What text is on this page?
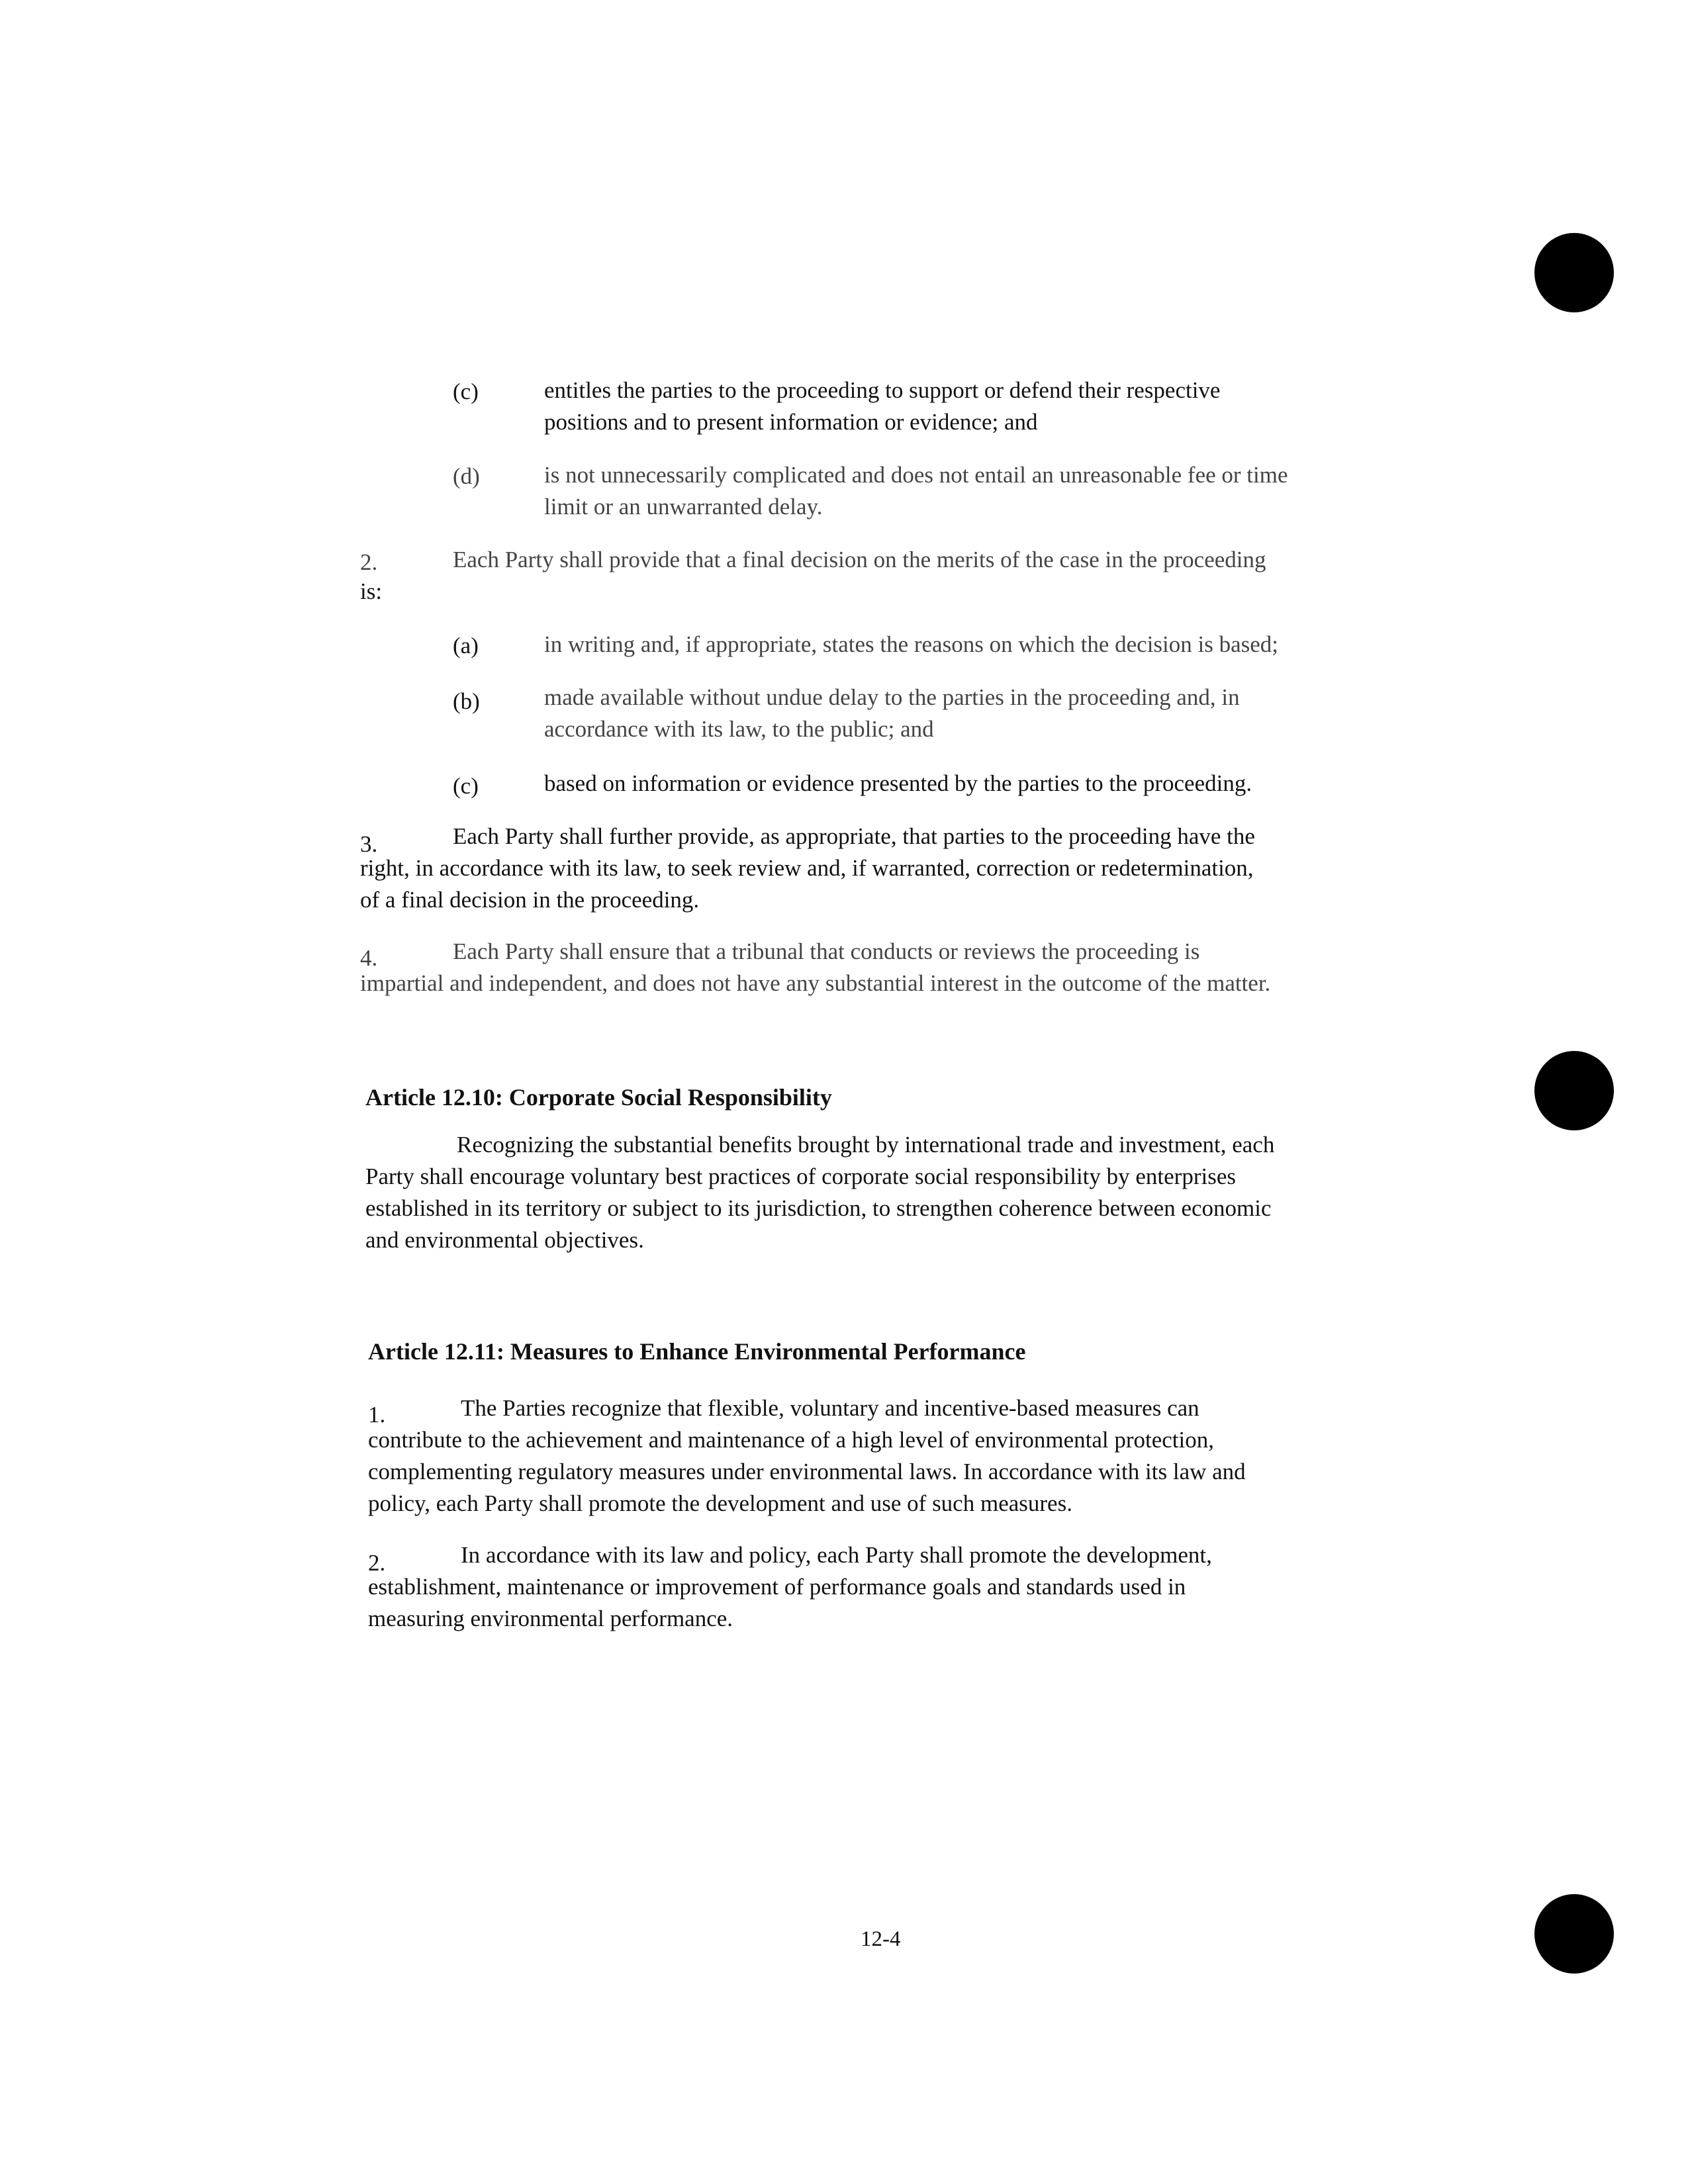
(c)	entitles the parties to the proceeding to support or defend their respective
positions and to present information or evidence; and
(d)	is not unnecessarily complicated and does not entail an unreasonable fee or time
limit or an unwarranted delay.
2.	Each Party shall provide that a final decision on the merits of the case in the proceeding
is:
(a)	in writing and, if appropriate, states the reasons on which the decision is based;
(b)	made available without undue delay to the parties in the proceeding and, in
accordance with its law, to the public; and
(c)	based on information or evidence presented by the parties to the proceeding.
3.	Each Party shall further provide, as appropriate, that parties to the proceeding have the
right, in accordance with its law, to seek review and, if warranted, correction or redetermination,
of a final decision in the proceeding.
4.	Each Party shall ensure that a tribunal that conducts or reviews the proceeding is
impartial and independent, and does not have any substantial interest in the outcome of the matter.
Article 12.10: Corporate Social Responsibility
Recognizing the substantial benefits brought by international trade and investment, each
Party shall encourage voluntary best practices of corporate social responsibility by enterprises
established in its territory or subject to its jurisdiction, to strengthen coherence between economic
and environmental objectives.
Article 12.11: Measures to Enhance Environmental Performance
1.	The Parties recognize that flexible, voluntary and incentive-based measures can
contribute to the achievement and maintenance of a high level of environmental protection,
complementing regulatory measures under environmental laws. In accordance with its law and
policy, each Party shall promote the development and use of such measures.
2.	In accordance with its law and policy, each Party shall promote the development,
establishment, maintenance or improvement of performance goals and standards used in
measuring environmental performance.
12-4
